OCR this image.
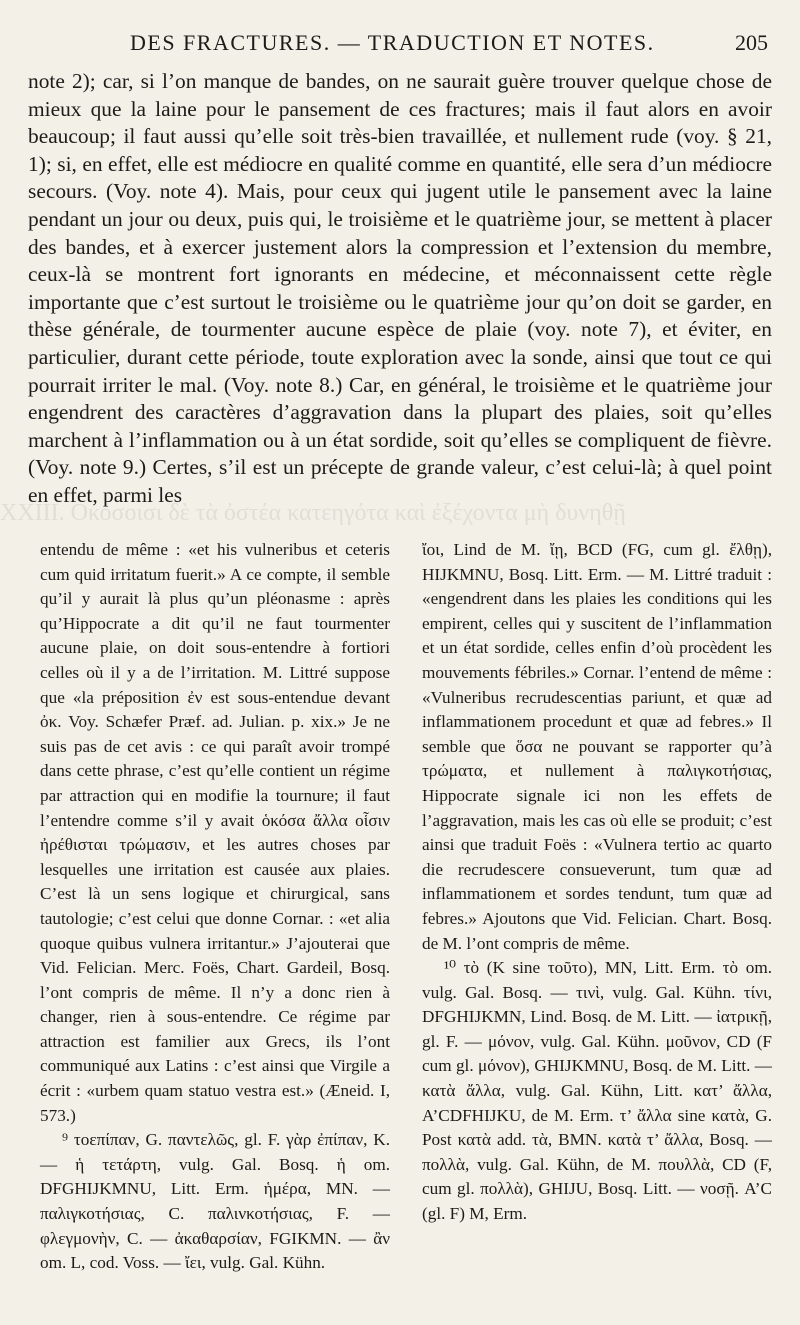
DES FRACTURES. — TRADUCTION ET NOTES.	205

note 2); car, si l’on manque de bandes, on ne saurait guère trouver quelque chose de mieux que la laine pour le pansement de ces fractures; mais il faut alors en avoir beaucoup; il faut aussi qu’elle soit très-bien travaillée, et nullement rude (voy. § 21, 1); si, en effet, elle est médiocre en qualité comme en quantité, elle sera d’un médiocre secours. (Voy. note 4). Mais, pour ceux qui jugent utile le pansement avec la laine pendant un jour ou deux, puis qui, le troisième et le quatrième jour, se mettent à placer des bandes, et à exercer justement alors la compression et l’extension du membre, ceux-là se montrent fort ignorants en médecine, et méconnaissent cette règle importante que c’est surtout le troisième ou le quatrième jour qu’on doit se garder, en thèse générale, de tourmenter aucune espèce de plaie (voy. note 7), et éviter, en particulier, durant cette période, toute exploration avec la sonde, ainsi que tout ce qui pourrait irriter le mal. (Voy. note 8.) Car, en général, le troisième et le quatrième jour engendrent des caractères d’aggravation dans la plupart des plaies, soit qu’elles marchent à l’inflammation ou à un état sordide, soit qu’elles se compliquent de fièvre. (Voy. note 9.) Certes, s’il est un précepte de grande valeur, c’est celui-là; à quel point en effet, parmi les

XXIII. Οκόσοισι δὲ τὰ ὀστέα κατεηγότα καὶ ἐξέχοντα μὴ δυνηθῇ

entendu de même : «et his vulneribus et ceteris cum quid irritatum fuerit.» A ce compte, il semble qu’il y aurait là plus qu’un pléonasme : après qu’Hippocrate a dit qu’il ne faut tourmenter aucune plaie, on doit sous-entendre à fortiori celles où il y a de l’irritation. M. Littré suppose que «la préposition ἐν est sous-entendue devant ὀκ. Voy. Schæfer Præf. ad. Julian. p. xix.» Je ne suis pas de cet avis : ce qui paraît avoir trompé dans cette phrase, c’est qu’elle contient un régime par attraction qui en modifie la tournure; il faut l’entendre comme s’il y avait ὁκόσα ἄλλα οἷσιν ἠρέθισται τρώμασιν, et les autres choses par lesquelles une irritation est causée aux plaies. C’est là un sens logique et chirurgical, sans tautologie; c’est celui que donne Cornar. : «et alia quoque quibus vulnera irritantur.» J’ajouterai que Vid. Felician. Merc. Foës, Chart. Gardeil, Bosq. l’ont compris de même. Il n’y a donc rien à changer, rien à sous-entendre. Ce régime par attraction est familier aux Grecs, ils l’ont communiqué aux Latins : c’est ainsi que Virgile a écrit : «urbem quam statuo vestra est.» (Æneid. I, 573.)

⁹ τοεπίπαν, G. παντελῶς, gl. F. γὰρ ἐπίπαν, K. — ἡ τετάρτη, vulg. Gal. Bosq. ἡ om. DFGHIJKMNU, Litt. Erm. ἡμέρα, MN. — παλιγκοτήσιας, C. παλινκοτήσιας, F. — φλεγμονὴν, C. — ἀκαθαρσίαν, FGIKMN. — ἂν om. L, cod. Voss. — ἴει, vulg. Gal. Kühn.

ἴοι, Lind de M. ἴῃ, BCD (FG, cum gl. ἔλθῃ), HIJKMNU, Bosq. Litt. Erm. — M. Littré traduit : «engendrent dans les plaies les conditions qui les empirent, celles qui y suscitent de l’inflammation et un état sordide, celles enfin d’où procèdent les mouvements fébriles.» Cornar. l’entend de même : «Vulneribus recrudescentias pariunt, et quæ ad inflammationem procedunt et quæ ad febres.» Il semble que ὅσα ne pouvant se rapporter qu’à τρώματα, et nullement à παλιγκοτήσιας, Hippocrate signale ici non les effets de l’aggravation, mais les cas où elle se produit; c’est ainsi que traduit Foës : «Vulnera tertio ac quarto die recrudescere consueverunt, tum quæ ad inflammationem et sordes tendunt, tum quæ ad febres.» Ajoutons que Vid. Felician. Chart. Bosq. de M. l’ont compris de même.

¹⁰ τὸ (K sine τοῦτο), MN, Litt. Erm. τὸ om. vulg. Gal. Bosq. — τινὶ, vulg. Gal. Kühn. τίνι, DFGHIJKMN, Lind. Bosq. de M. Litt. — ἰατρικῇ, gl. F. — μόνον, vulg. Gal. Kühn. μοῦνον, CD (F cum gl. μόνον), GHIJKMNU, Bosq. de M. Litt. — κατὰ ἄλλα, vulg. Gal. Kühn, Litt. κατ’ ἄλλα, A’CDFHIJKU, de M. Erm. τ’ ἄλλα sine κατὰ, G. Post κατὰ add. τὰ, BMN. κατὰ τ’ ἄλλα, Bosq. — πολλὰ, vulg. Gal. Kühn, de M. πουλλὰ, CD (F, cum gl. πολλὰ), GHIJU, Bosq. Litt. — νοσῇ. A’C (gl. F) M, Erm.
